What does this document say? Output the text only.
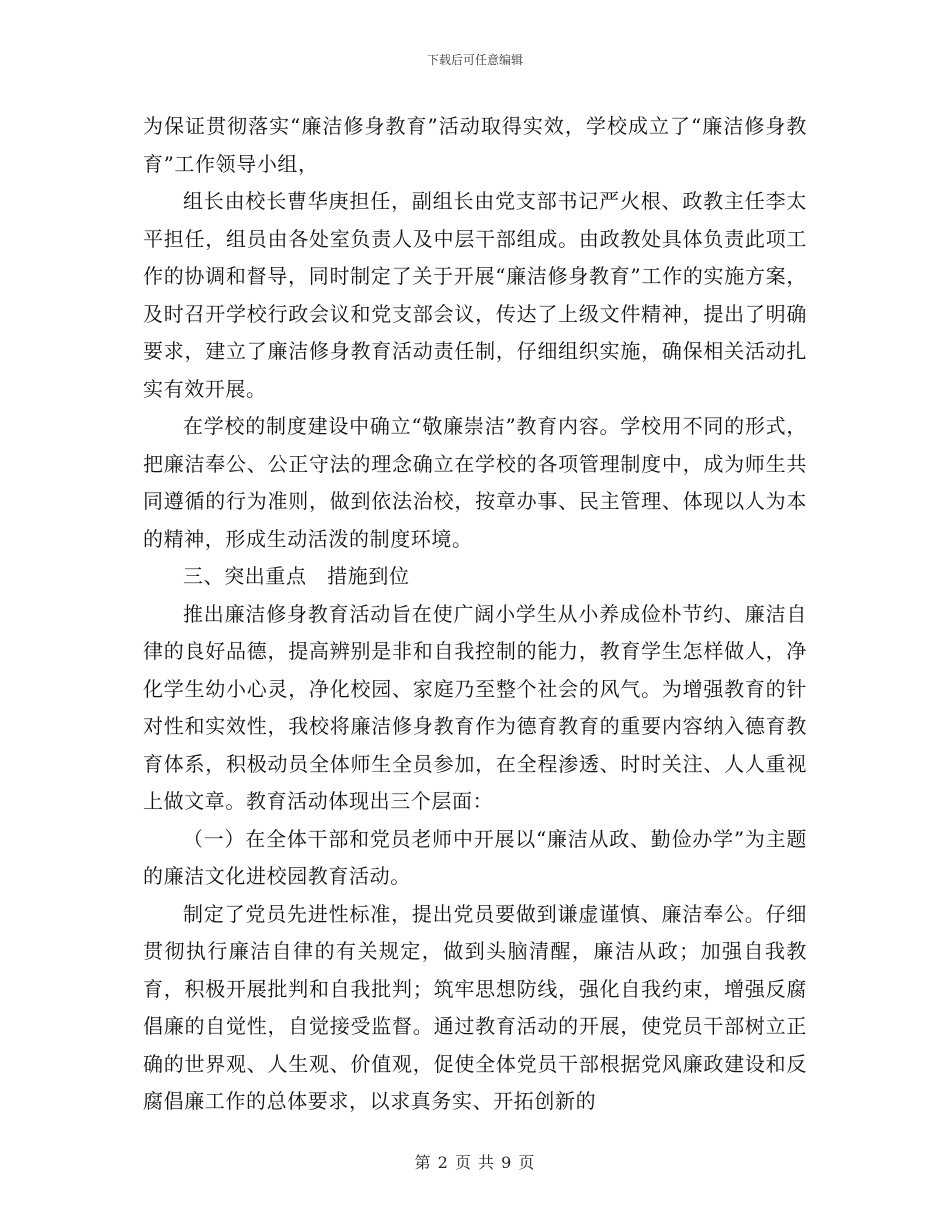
下载后可任意编辑

为保证贯彻落实“廉洁修身教育”活动取得实效，学校成立了“廉洁修身教育”工作领导小组，

组长由校长曹华庚担任，副组长由党支部书记严火根、政教主任李太平担任，组员由各处室负责人及中层干部组成。由政教处具体负责此项工作的协调和督导，同时制定了关于开展“廉洁修身教育”工作的实施方案，及时召开学校行政会议和党支部会议，传达了上级文件精神，提出了明确要求，建立了廉洁修身教育活动责任制，仔细组织实施，确保相关活动扎实有效开展。

在学校的制度建设中确立“敬廉崇洁”教育内容。学校用不同的形式，把廉洁奉公、公正守法的理念确立在学校的各项管理制度中，成为师生共同遵循的行为准则，做到依法治校，按章办事、民主管理、体现以人为本的精神，形成生动活泼的制度环境。

三、突出重点　措施到位

推出廉洁修身教育活动旨在使广阔小学生从小养成俭朴节约、廉洁自律的良好品德，提高辨别是非和自我控制的能力，教育学生怎样做人，净化学生幼小心灵，净化校园、家庭乃至整个社会的风气。为增强教育的针对性和实效性，我校将廉洁修身教育作为德育教育的重要内容纳入德育教育体系，积极动员全体师生全员参加，在全程渗透、时时关注、人人重视上做文章。教育活动体现出三个层面：

（一）在全体干部和党员老师中开展以“廉洁从政、勤俭办学”为主题的廉洁文化进校园教育活动。

制定了党员先进性标准，提出党员要做到谦虚谨慎、廉洁奉公。仔细贯彻执行廉洁自律的有关规定，做到头脑清醒，廉洁从政；加强自我教育，积极开展批判和自我批判；筑牢思想防线，强化自我约束，增强反腐倡廉的自觉性，自觉接受监督。通过教育活动的开展，使党员干部树立正确的世界观、人生观、价值观，促使全体党员干部根据党风廉政建设和反腐倡廉工作的总体要求，以求真务实、开拓创新的

第 2 页 共 9 页
